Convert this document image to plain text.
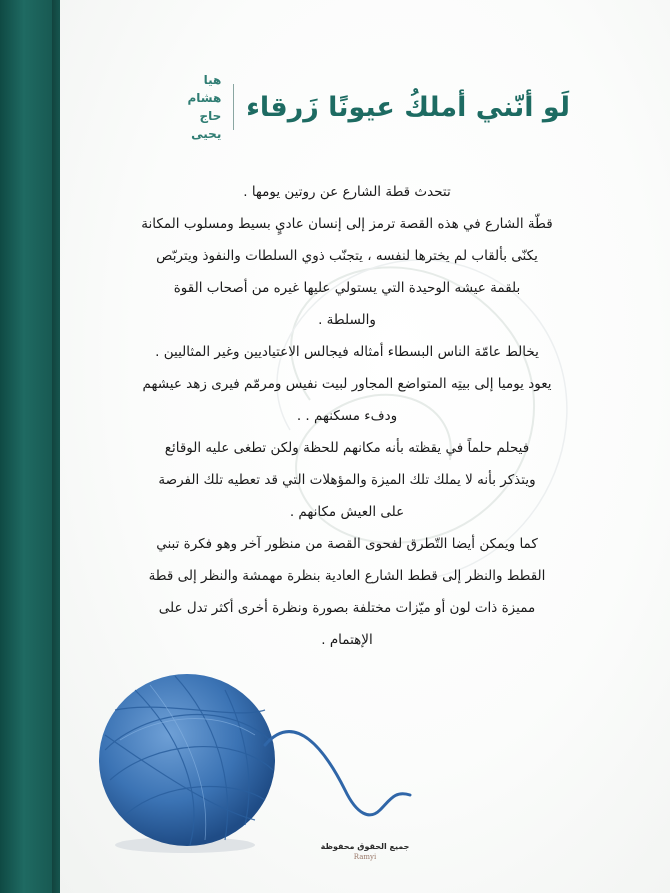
لَو أنّني أملكُ عيونًا زَرقاء
هيا هشام
حاج يحيى

تتحدث قطة الشارع عن روتين يومها .

قطّة الشارع في هذه القصة ترمز إلى إنسان عاديٍ بسيط ومسلوب المكانة

يكنّى بألقاب لم يخترها لنفسه ، يتجنّب ذوي السلطات والنفوذ ويتربّص

بلقمة عيشه الوحيدة التي يستولي عليها غيره من أصحاب القوة

والسلطة .

يخالط عامّة الناس البسطاء أمثاله فيجالس الاعتياديين وغير المثاليين .

يعود يوميا إلى بيتِه المتواضع المجاور لبيت نفيس ومرمّم فيرى زهد عيشهم

ودفء مسكنهم . .

فيحلم حلماً في يقظته بأنه مكانهم للحظة ولكن تطغى عليه الوقائع

ويتذكر بأنه لا يملك تلك الميزة والمؤهلات التي قد تعطيه تلك الفرصة

على العيش مكانهم .

كما ويمكن أيضا التّطرق لفحوى القصة من منظور آخر وهو فكرة تبني

القطط والنظر إلى قطط الشارع العادية بنظرة مهمشة والنظر إلى قطة

مميزة ذات لون أو ميّزات مختلفة بصورة ونظرة أخرى أكثر تدل على

الإهتمام .

جميع الحقوق محفوظة
Ramyi
